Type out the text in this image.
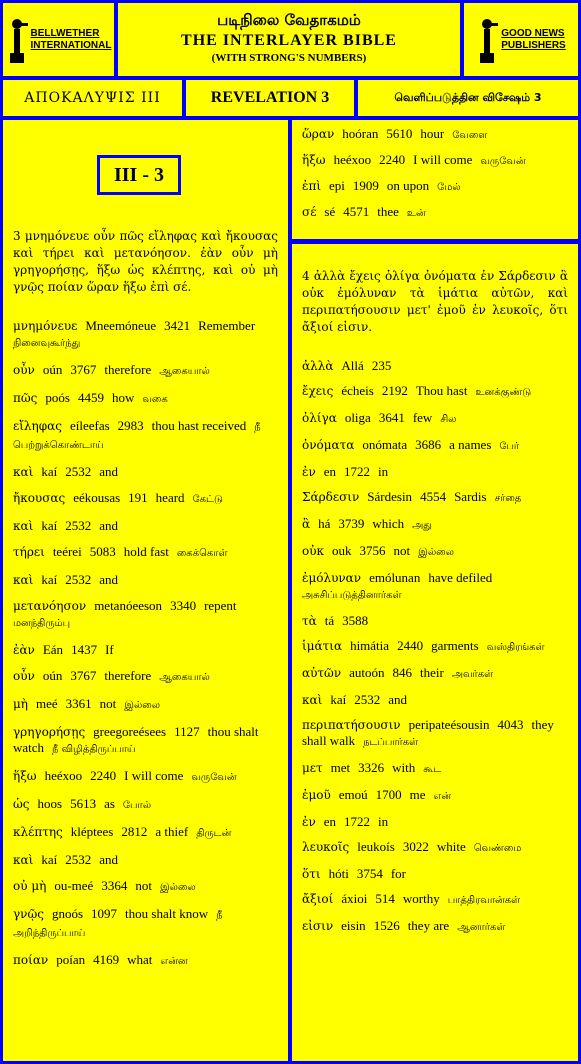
BELLWETHER
INTERNATIONAL
படிநிலை வேதாகமம்
THE INTERLAYER BIBLE
(WITH STRONG'S NUMBERS)
GOOD NEWS
PUBLISHERS
ΑΠΟΚΑΛΥΨΙΣ ΙΙΙ	REVELATION 3	வெளிப்படுத்தின விசேஷம் 3
3 μνημόνευε οὖν πῶς εἴληφας καὶ ἤκουσας καὶ τήρει καὶ μετανόησον. ἐὰν οὖν μὴ γρηγορήσῃς, ἥξω ὡς κλέπτης, καὶ οὐ μὴ γνῷς ποίαν ὥραν ἥξω ἐπὶ σέ.
μνημόνευε Mneemóneue 3421 Rememberநினைவுகூர்ந்து
οὖν oún 3767 therefore ஆகையால்
πῶς poós 4459 how வகை
εἴληφας eíleefas 2983 thou hast received நீ பெற்றுக்கொண்டாய்
καὶ kaí 2532 and
ἤκουσας eékousas 191 heard கேட்டு
καὶ kaí 2532 and
τήρει teérei 5083 hold fast கைக்கொள்
καὶ kaí 2532 and
μετανόησον metanóeeson 3340 repentமனந்திரும்பு
ἐὰν Eán 1437 If
οὖν oún 3767 therefore ஆகையால்
μὴ meé 3361 not இல்லை
γρηγορήσῃς greegoreésees 1127 thou shalt watch நீ விழித்திருப்பாய்
ἥξω heéxoo 2240 I will come வருவேன்
ὡς hoos 5613 as போல்
κλέπτης kléptees 2812 a thief திருடன்
καὶ kaí 2532 and
οὐ μὴ ou-meé 3364 not இல்லை
γνῷς gnoós 1097 thou shalt know நீ அறிந்திருப்பாய்
ποίαν poían 4169 what என்ன
III - 3
ὥραν hoóran 5610 hour வேளை
ἥξω heéxoo 2240 I will come வருவேன்
ἐπὶ epi 1909 on upon மேல்
σέ sé 4571 thee உன்
4 ἀλλὰ ἔχεις ὀλίγα ὀνόματα ἐν Σάρδεσιν ἃ οὐκ ἐμόλυναν τὰ ἱμάτια αὐτῶν, καὶ περιπατήσουσιν μετ' ἐμοῦ ἐν λευκοῖς, ὅτι ἄξιοί εἰσιν.
ἀλλὰ Allá 235
ἔχεις écheis 2192 Thou hast உனக்குண்டு
ὀλίγα oliga 3641 few சில
ὀνόματα onómata 3686 a names பேர்
ἐν en 1722 in
Σάρδεσιν Sárdesin 4554 Sardis சர்தை
ἃ há 3739 which அது
οὐκ ouk 3756 not இல்லை
ἐμόλυναν emólunan have defiledஅசுசிப்படுத்தினார்கள்
τὰ tá 3588
ἱμάτια himátia 2440 garments வஸ்திரங்கள்
αὐτῶν autoón 846 their அவர்கள்
καὶ kaí 2532 and
περιπατήσουσιν peripateésousin 4043 they shall walk நடப்பார்கள்
μετ met 3326 with கூட
ἐμοῦ emoú 1700 me என்
ἐν en 1722 in
λευκοῖς leukoís 3022 white வெண்மை
ὅτι hóti 3754 for
ἄξιοί áxioi 514 worthy பாத்திரவான்கள்
εἰσιν eisin 1526 they are ஆனார்கள்
